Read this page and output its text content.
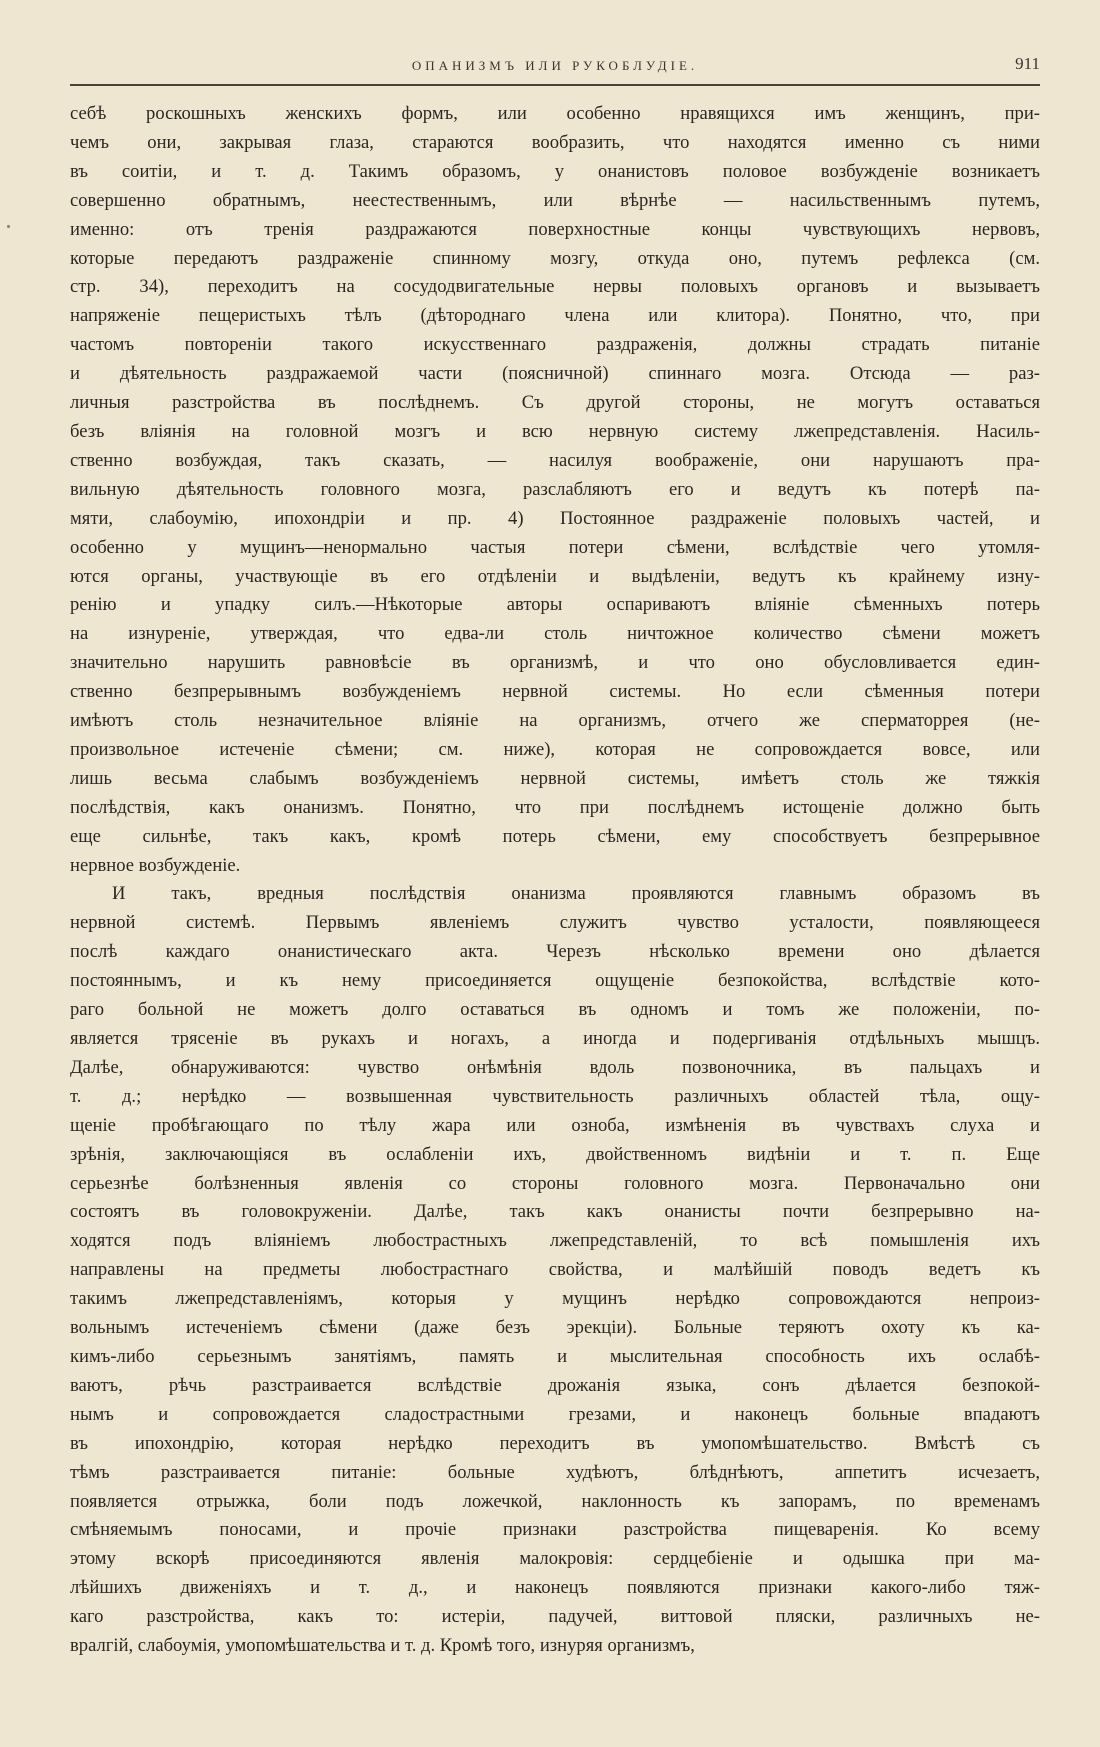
ОПАНИЗМЪ ИЛИ РУКОБЛУДІЕ.	911
себѣ роскошныхъ женскихъ формъ, или особенно нравящихся имъ женщинъ, при-
чемъ они, закрывая глаза, стараются вообразить, что находятся именно съ ними
въ соитіи, и т. д. Такимъ образомъ, у онанистовъ половое возбужденіе возникаетъ
совершенно обратнымъ, неестественнымъ, или вѣрнѣе — насильственнымъ путемъ,
именно: отъ тренія раздражаются поверхностные концы чувствующихъ нервовъ,
которые передаютъ раздраженіе спинному мозгу, откуда оно, путемъ рефлекса (см.
стр. 34), переходитъ на сосудодвигательные нервы половыхъ органовъ и вызываетъ
напряженіе пещеристыхъ тѣлъ (дѣтороднаго члена или клитора). Понятно, что, при
частомъ повтореніи такого искусственнаго раздраженія, должны страдать питаніе
и дѣятельность раздражаемой части (поясничной) спиннаго мозга. Отсюда — раз-
личныя разстройства въ послѣднемъ. Съ другой стороны, не могутъ оставаться
безъ вліянія на головной мозгъ и всю нервную систему лжепредставленія. Насиль-
ственно возбуждая, такъ сказать, — насилуя воображеніе, они нарушаютъ пра-
вильную дѣятельность головного мозга, разслабляютъ его и ведутъ къ потерѣ па-
мяти, слабоумію, ипохондріи и пр. 4) Постоянное раздраженіе половыхъ частей, и
особенно у мущинъ—ненормально частыя потери сѣмени, вслѣдствіе чего утомля-
ются органы, участвующіе въ его отдѣленіи и выдѣленіи, ведутъ къ крайнему изну-
ренію и упадку силъ.—Нѣкоторые авторы оспариваютъ вліяніе сѣменныхъ потерь
на изнуреніе, утверждая, что едва-ли столь ничтожное количество сѣмени можетъ
значительно нарушить равновѣсіе въ организмѣ, и что оно обусловливается един-
ственно безпрерывнымъ возбужденіемъ нервной системы. Но если сѣменныя потери
имѣютъ столь незначительное вліяніе на организмъ, отчего же сперматоррея (не-
произвольное истеченіе сѣмени; см. ниже), которая не сопровождается вовсе, или
лишь весьма слабымъ возбужденіемъ нервной системы, имѣетъ столь же тяжкія
послѣдствія, какъ онанизмъ. Понятно, что при послѣднемъ истощеніе должно быть
еще сильнѣе, такъ какъ, кромѣ потерь сѣмени, ему способствуетъ безпрерывное
нервное возбужденіе.
И такъ, вредныя послѣдствія онанизма проявляются главнымъ образомъ въ
нервной системѣ. Первымъ явленіемъ служитъ чувство усталости, появляющееся
послѣ каждаго онанистическаго акта. Черезъ нѣсколько времени оно дѣлается
постояннымъ, и къ нему присоединяется ощущеніе безпокойства, вслѣдствіе кото-
раго больной не можетъ долго оставаться въ одномъ и томъ же положеніи, по-
является трясеніе въ рукахъ и ногахъ, а иногда и подергиванія отдѣльныхъ мышцъ.
Далѣе, обнаруживаются: чувство онѣмѣнія вдоль позвоночника, въ пальцахъ и
т. д.; нерѣдко — возвышенная чувствительность различныхъ областей тѣла, ощу-
щеніе пробѣгающаго по тѣлу жара или озноба, измѣненія въ чувствахъ слуха и
зрѣнія, заключающіяся въ ослабленіи ихъ, двойственномъ видѣніи и т. п. Еще
серьезнѣе болѣзненныя явленія со стороны головного мозга. Первоначально они
состоятъ въ головокруженіи. Далѣе, такъ какъ онанисты почти безпрерывно на-
ходятся подъ вліяніемъ любострастныхъ лжепредставленій, то всѣ помышленія ихъ
направлены на предметы любострастнаго свойства, и малѣйшій поводъ ведетъ къ
такимъ лжепредставленіямъ, которыя у мущинъ нерѣдко сопровождаются непроиз-
вольнымъ истеченіемъ сѣмени (даже безъ эрекціи). Больные теряютъ охоту къ ка-
кимъ-либо серьезнымъ занятіямъ, память и мыслительная способность ихъ ослабѣ-
ваютъ, рѣчь разстраивается вслѣдствіе дрожанія языка, сонъ дѣлается безпокой-
нымъ и сопровождается сладострастными грезами, и наконецъ больные впадаютъ
въ ипохондрію, которая нерѣдко переходитъ въ умопомѣшательство. Вмѣстѣ съ
тѣмъ разстраивается питаніе: больные худѣютъ, блѣднѣютъ, аппетитъ исчезаетъ,
появляется отрыжка, боли подъ ложечкой, наклонность къ запорамъ, по временамъ
смѣняемымъ поносами, и прочіе признаки разстройства пищеваренія. Ко всему
этому вскорѣ присоединяются явленія малокровія: сердцебіеніе и одышка при ма-
лѣйшихъ движеніяхъ и т. д., и наконецъ появляются признаки какого-либо тяж-
каго разстройства, какъ то: истеріи, падучей, виттовой пляски, различныхъ не-
вралгій, слабоумія, умопомѣшательства и т. д. Кромѣ того, изнуряя организмъ,
